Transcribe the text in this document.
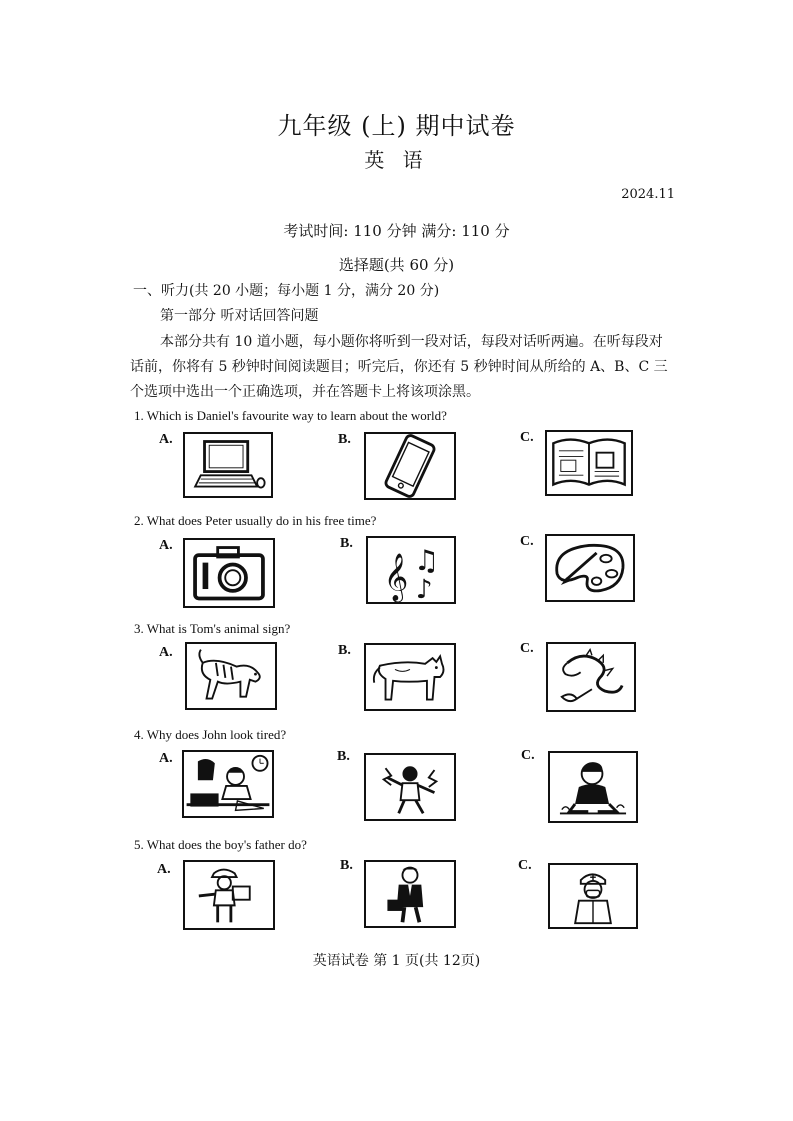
九年级 (上) 期中试卷
英 语
2024.11
考试时间: 110 分钟 满分: 110 分
选择题(共 60 分)
一、听力(共 20 小题；每小题 1 分，满分 20 分)
第一部分 听对话回答问题
本部分共有 10 道小题，每小题你将听到一段对话，每段对话听两遍。在听每段对话前，你将有 5 秒钟时间阅读题目；听完后，你还有 5 秒钟时间从所给的 A、B、C 三个选项中选出一个正确选项，并在答题卡上将该项涂黑。
1. Which is Daniel's favourite way to learn about the world?
A.	B.	C.
2. What does Peter usually do in his free time?
A.	B.
𝄞 ♫
♪
C.
3. What is Tom's animal sign?
A.	B.	C.
4. Why does John look tired?
A.	B.	C.
5. What does the boy's father do?
A.	B.	C.
英语试卷 第 1 页(共 12页)
